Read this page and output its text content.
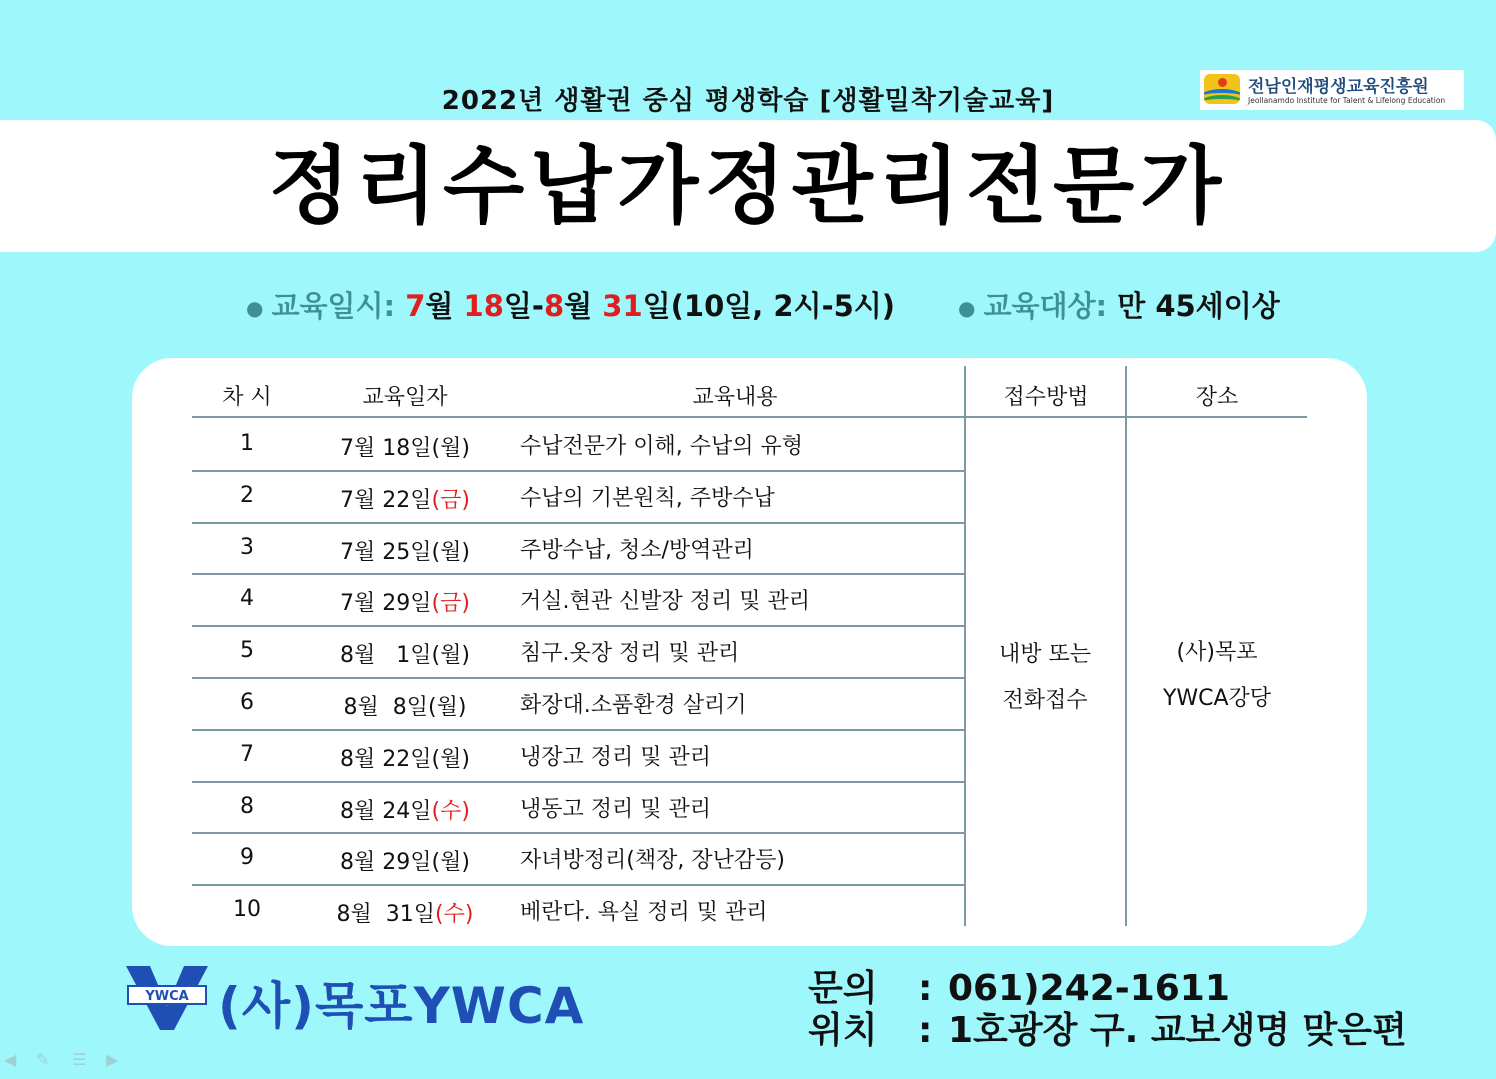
2022년 생활권 중심 평생학습 [생활밀착기술교육]	전남인재평생교육진흥원
Jeollanamdo Institute for Talent & Lifelong Education
정리수납가정관리전문가
● 교육일시: 7월 18일-8월 31일(10일, 2시-5시)	● 교육대상: 만 45세이상
차 시	교육일자	교육내용	접수방법	장소
1	7월 18일(월)	수납전문가 이해, 수납의 유형
2	7월 22일(금)	수납의 기본원칙, 주방수납
3	7월 25일(월)	주방수납, 청소/방역관리
4	7월 29일(금)	거실.현관 신발장 정리 및 관리
5	8월   1일(월)	침구.옷장 정리 및 관리
6	8월  8일(월)	화장대.소품환경 살리기
7	8월 22일(월)	냉장고 정리 및 관리
8	8월 24일(수)	냉동고 정리 및 관리
9	8월 29일(월)	자녀방정리(책장, 장난감등)
10	8월  31일(수) 베란다. 욕실 정리 및 관리
내방 또는
전화접수
(사)목포
YWCA강당
YWCA (사)목포YWCA	문의 : 061)242-1611
위치 : 1호광장 구. 교보생명 맞은편
◀ ✎ ☰ ▶
